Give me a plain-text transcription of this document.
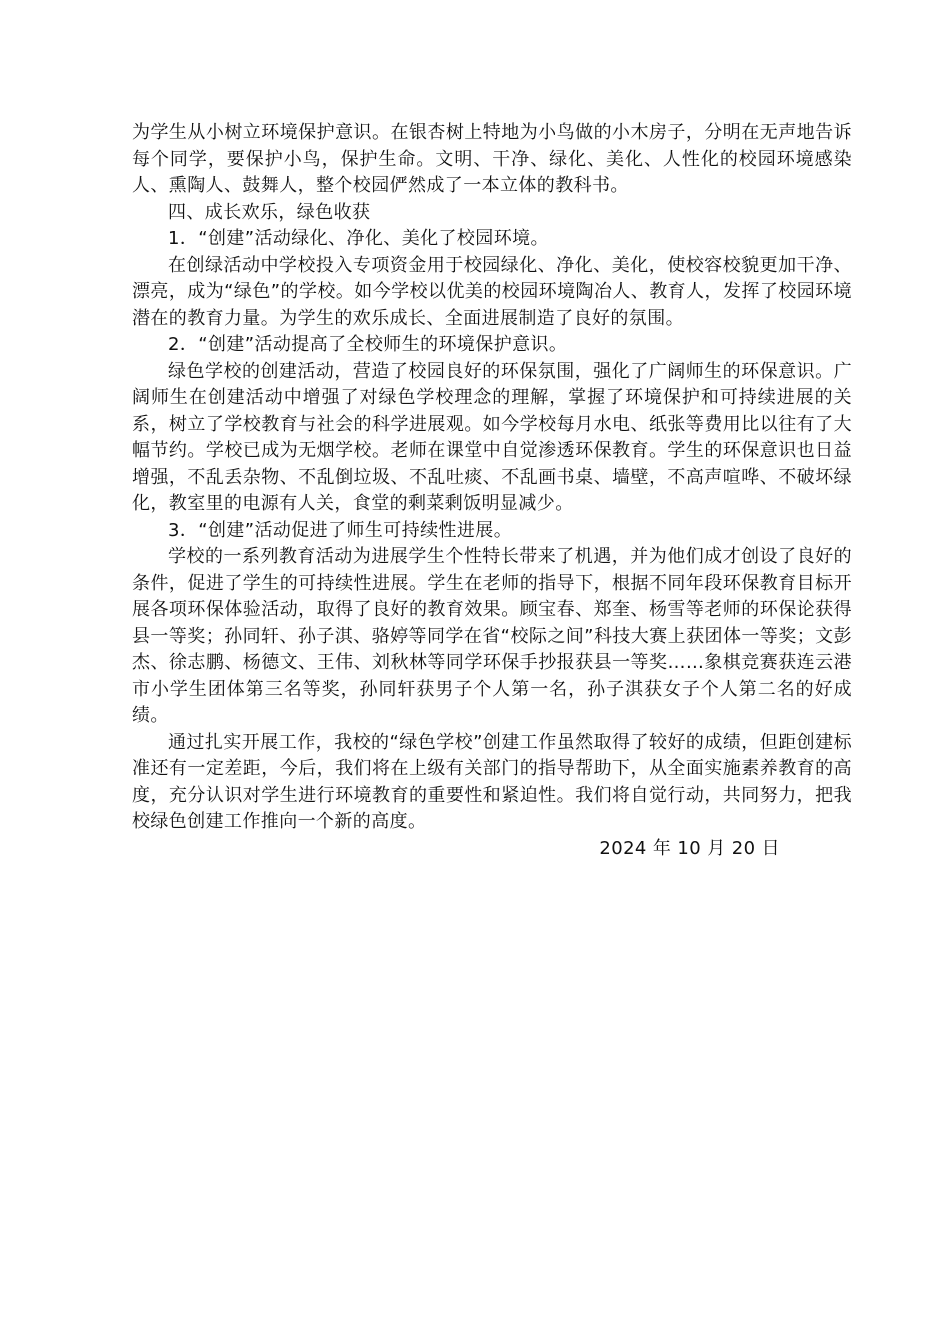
为学生从小树立环境保护意识。在银杏树上特地为小鸟做的小木房子，分明在无声地告诉每个同学，要保护小鸟，保护生命。文明、干净、绿化、美化、人性化的校园环境感染人、熏陶人、鼓舞人，整个校园俨然成了一本立体的教科书。

四、成长欢乐，绿色收获

1．“创建”活动绿化、净化、美化了校园环境。

在创绿活动中学校投入专项资金用于校园绿化、净化、美化，使校容校貌更加干净、漂亮，成为“绿色”的学校。如今学校以优美的校园环境陶冶人、教育人，发挥了校园环境潜在的教育力量。为学生的欢乐成长、全面进展制造了良好的氛围。

2．“创建”活动提高了全校师生的环境保护意识。

绿色学校的创建活动，营造了校园良好的环保氛围，强化了广阔师生的环保意识。广阔师生在创建活动中增强了对绿色学校理念的理解，掌握了环境保护和可持续进展的关系，树立了学校教育与社会的科学进展观。如今学校每月水电、纸张等费用比以往有了大幅节约。学校已成为无烟学校。老师在课堂中自觉渗透环保教育。学生的环保意识也日益增强，不乱丢杂物、不乱倒垃圾、不乱吐痰、不乱画书桌、墙壁，不高声喧哗、不破坏绿化，教室里的电源有人关，食堂的剩菜剩饭明显减少。

3．“创建”活动促进了师生可持续性进展。

学校的一系列教育活动为进展学生个性特长带来了机遇，并为他们成才创设了良好的条件，促进了学生的可持续性进展。学生在老师的指导下，根据不同年段环保教育目标开展各项环保体验活动，取得了良好的教育效果。顾宝春、郑奎、杨雪等老师的环保论获得县一等奖；孙同轩、孙子淇、骆婷等同学在省“校际之间”科技大赛上获团体一等奖；文彭杰、徐志鹏、杨德文、王伟、刘秋林等同学环保手抄报获县一等奖……象棋竞赛获连云港市小学生团体第三名等奖，孙同轩获男子个人第一名，孙子淇获女子个人第二名的好成绩。

通过扎实开展工作，我校的“绿色学校”创建工作虽然取得了较好的成绩，但距创建标准还有一定差距，今后，我们将在上级有关部门的指导帮助下，从全面实施素养教育的高度，充分认识对学生进行环境教育的重要性和紧迫性。我们将自觉行动，共同努力，把我校绿色创建工作推向一个新的高度。

2024 年 10 月 20 日
